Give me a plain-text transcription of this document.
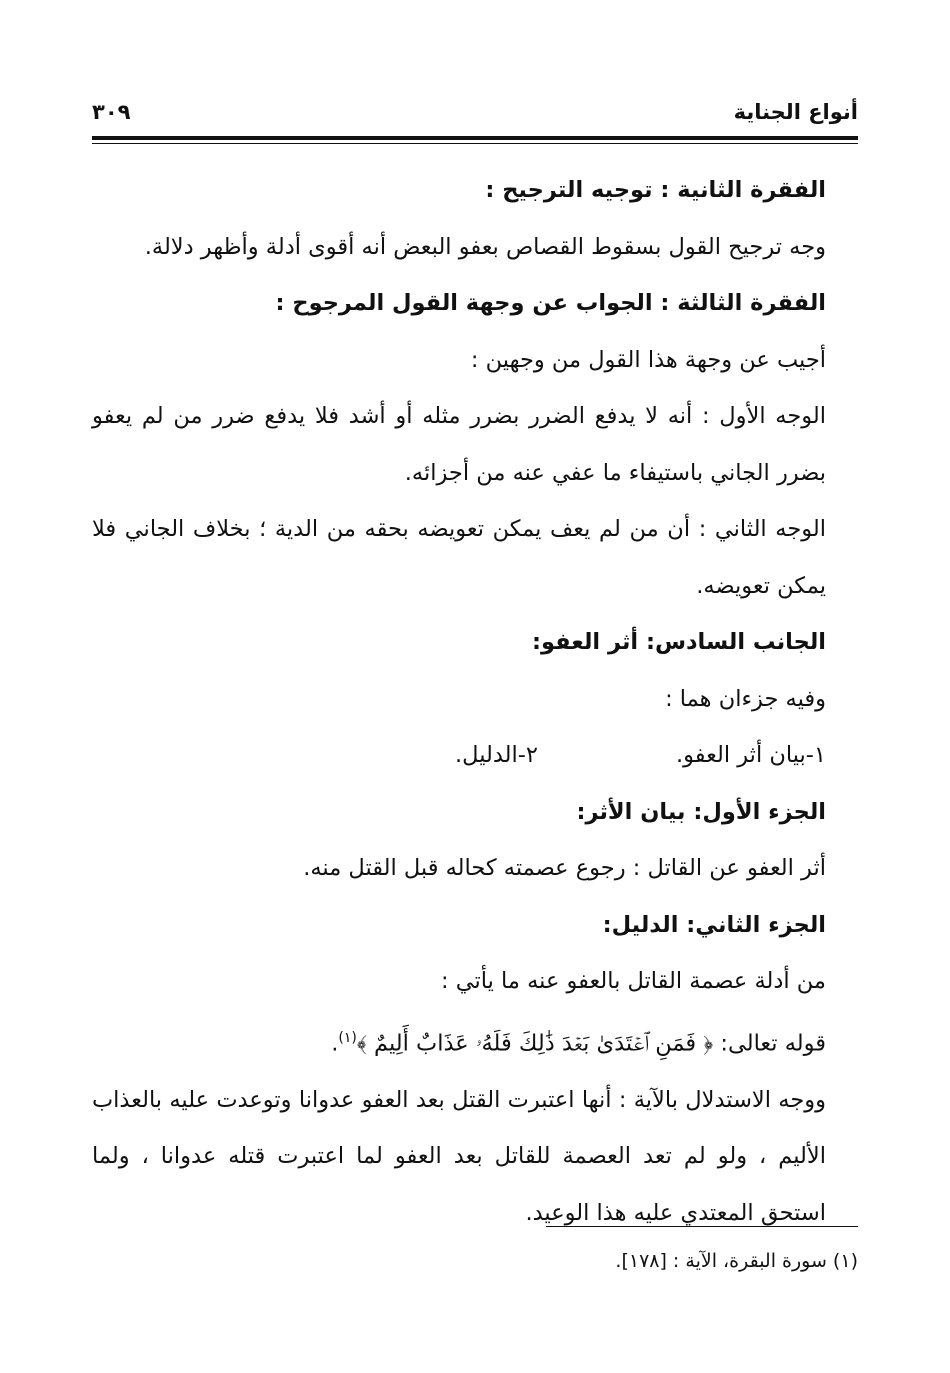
أنواع الجناية
٣٠٩

الفقرة الثانية : توجيه الترجيح :

وجه ترجيح القول بسقوط القصاص بعفو البعض أنه أقوى أدلة وأظهر دلالة.

الفقرة الثالثة : الجواب عن وجهة القول المرجوح :

أجيب عن وجهة هذا القول من وجهين :

الوجه الأول : أنه لا يدفع الضرر بضرر مثله أو أشد فلا يدفع ضرر من لم يعفو بضرر الجاني باستيفاء ما عفي عنه من أجزائه.

الوجه الثاني : أن من لم يعف يمكن تعويضه بحقه من الدية ؛ بخلاف الجاني فلا يمكن تعويضه.

الجانب السادس: أثر العفو:

وفيه جزءان هما :

١-بيان أثر العفو.
٢-الدليل.

الجزء الأول: بيان الأثر:

أثر العفو عن القاتل : رجوع عصمته كحاله قبل القتل منه.

الجزء الثاني: الدليل:

من أدلة عصمة القاتل بالعفو عنه ما يأتي :

قوله تعالى: ﴿ فَمَنِ ٱعۡتَدَىٰ بَعۡدَ ذَٰلِكَ فَلَهُۥ عَذَابٌ أَلِيمٌ ﴾$^{(١)}$.

ووجه الاستدلال بالآية : أنها اعتبرت القتل بعد العفو عدوانا وتوعدت عليه بالعذاب الأليم ، ولو لم تعد العصمة للقاتل بعد العفو لما اعتبرت قتله عدوانا ، ولما استحق المعتدي عليه هذا الوعيد.

(١) سورة البقرة، الآية : [١٧٨].
